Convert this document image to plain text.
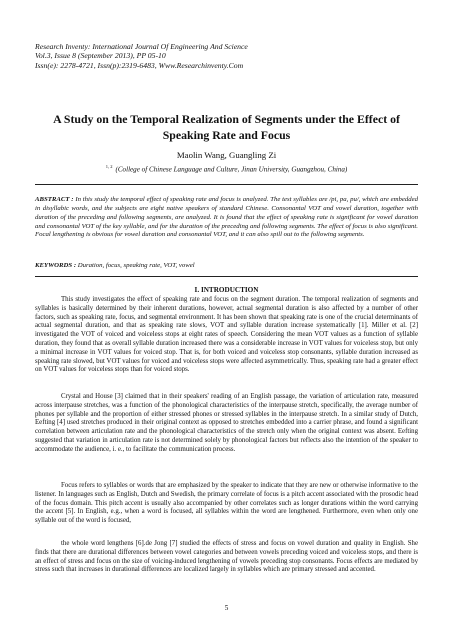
Research Inventy: International Journal Of Engineering And Science
Vol.3, Issue 8 (September 2013), PP 05-10
Issn(e): 2278-4721, Issn(p):2319-6483, Www.Researchinventy.Com
A Study on the Temporal Realization of Segments under the Effect of Speaking Rate and Focus
Maolin Wang, Guangling Zi
$^{1, 2}$ (College of Chinese Language and Culture, Jinan University, Guangzhou, China)
ABSTRACT : In this study the temporal effect of speaking rate and focus is analyzed. The test syllables are /pi, pa, pu/, which are embedded in disyllabic words, and the subjects are eight native speakers of standard Chinese. Consonantal VOT and vowel duration, together with duration of the preceding and following segments, are analyzed. It is found that the effect of speaking rate is significant for vowel duration and consonantal VOT of the key syllable, and for the duration of the preceding and following segments. The effect of focus is also significant. Focal lengthening is obvious for vowel duration and consonantal VOT, and it can also spill out to the following segments.
KEYWORDS : Duration, focus, speaking rate, VOT, vowel
I. INTRODUCTION
This study investigates the effect of speaking rate and focus on the segment duration. The temporal realization of segments and syllables is basically determined by their inherent durations, however, actual segmental duration is also affected by a number of other factors, such as speaking rate, focus, and segmental environment. It has been shown that speaking rate is one of the crucial determinants of actual segmental duration, and that as speaking rate slows, VOT and syllable duration increase systematically [1]. Miller et al. [2] investigated the VOT of voiced and voiceless stops at eight rates of speech. Considering the mean VOT values as a function of syllable duration, they found that as overall syllable duration increased there was a considerable increase in VOT values for voiceless stop, but only a minimal increase in VOT values for voiced stop. That is, for both voiced and voiceless stop consonants, syllable duration increased as speaking rate slowed, but VOT values for voiced and voiceless stops were affected asymmetrically. Thus, speaking rate had a greater effect on VOT values for voiceless stops than for voiced stops.
Crystal and House [3] claimed that in their speakers' reading of an English passage, the variation of articulation rate, measured across interpause stretches, was a function of the phonological characteristics of the interpause stretch, specifically, the average number of phones per syllable and the proportion of either stressed phones or stressed syllables in the interpause stretch. In a similar study of Dutch, Eefting [4] used stretches produced in their original context as opposed to stretches embedded into a carrier phrase, and found a significant correlation between articulation rate and the phonological characteristics of the stretch only when the original context was absent. Eefting suggested that variation in articulation rate is not determined solely by phonological factors but reflects also the intention of the speaker to accommodate the audience, i. e., to facilitate the communication process.
Focus refers to syllables or words that are emphasized by the speaker to indicate that they are new or otherwise informative to the listener. In languages such as English, Dutch and Swedish, the primary correlate of focus is a pitch accent associated with the prosodic head of the focus domain. This pitch accent is usually also accompanied by other correlates such as longer durations within the word carrying the accent [5]. In English, e.g., when a word is focused, all syllables within the word are lengthened. Furthermore, even when only one syllable out of the word is focused,
the whole word lengthens [6].de Jong [7] studied the effects of stress and focus on vowel duration and quality in English. She finds that there are durational differences between vowel categories and between vowels preceding voiced and voiceless stops, and there is an effect of stress and focus on the size of voicing-induced lengthening of vowels preceding stop consonants. Focus effects are mediated by stress such that increases in durational differences are localized largely in syllables which are primary stressed and accented.
5
